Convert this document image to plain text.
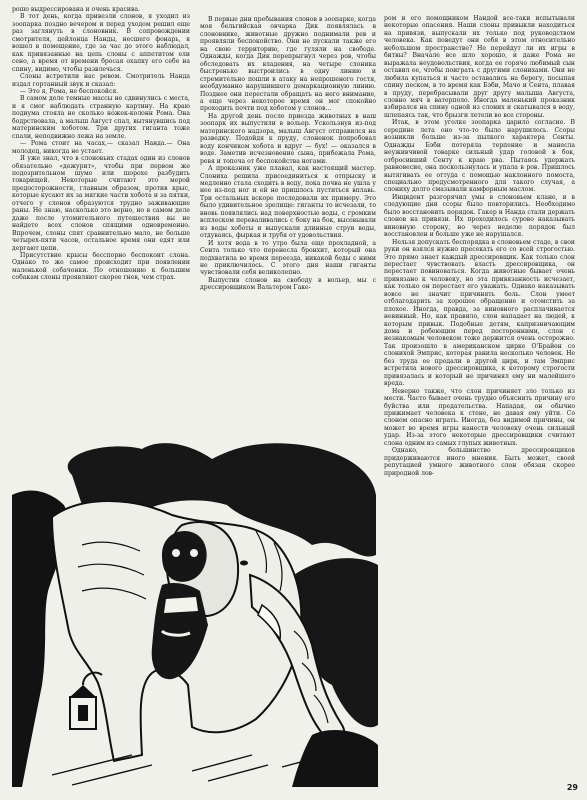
рошо выдрессирована и очень красива.

В тот день, когда привезли слонов, я уходил из зоопарка поздно вечером и перед уходом решил еще раз заглянуть в слоновник. В сопровождении смотрителя, цейлонца Нанды, несшего фонарь, я вошел в помещение, где за час до этого наблюдал, как привязанные на цепь слоны с аппетитом ели сено, а время от времени бросая охапку его себе на спину, видимо, чтобы развлечься.

Слоны встретили нас ревом. Смотритель Нанда издал гортанный звук и сказал:

— Это я, Рома, не беспокойся.

В самом деле темные массы не сдвинулись с места, и я смог наблюдать странную картину. На краю подиума стояла не сколько ножек-колонн Рома. Она бодрствовала, а малыш Август спал, вытянувшись под материнским хоботом. Три других гиганта тоже спали, неподвижно лежа на земле.

— Рома стоит на часах,— сказал Нанда.— Она молодец, никогда не устает.

Я уже знал, что в слоновьих стадах один из слонов обязательно «дежурит», чтобы при первом же подозрительном шуме или шорохе разбудить товарищей. Некоторые считают это мерой предосторожности, главным образом, против крыс, которые кусают их за мягкие части хобота и за пятки, отчего у слонов образуются трудно заживающие раны. Не знаю, насколько это верно, но в самом деле даже после утомительного путешествия вы не найдете всех слонов спящими одновременно. Впрочем, слоны спят сравнительно мало, не больше четырех-пяти часов, остальное время они едят или дергают цепи.

Присутствие крысы бесспорно беспокоит слона. Однако то же самое происходит при появлении маленькой собачонки. По отношению к большим собакам слоны проявляют скорее гнев, чем страх.

В первые дни пребывания слонов в зоопарке, когда моя бельгийская овчарка Дик появлялась в слоновнике, животные дружно поднимали рев и проявляли беспокойство. Они не пускали также его на свою территорию, где гуляли на свободе. Однажды, когда Дик перепрыгнул через ров, чтобы обследовать их владения, на четыре слоника быстренько выстроились в одну линию и стремительно пошли в атаку на непрошеного гостя, необдуманно нарушившего демаркационную линию. Позднее они перестали обращать на него внимание, а еще через некоторое время он мог спокойно проходить почти под хоботом у слонов...

На другой день после приезда животных в наш зоопарк их выпустили в вольер. Ускользнув из-под материнского надзора, малыш Август отправился на разведку. Подойдя к пруду, слоненок попробовал воду кончиком хобота и вдруг — бух! — оказался в воде. Заметив исчезновение сына, прибежала Рома, ревя и топоча от беспокойства ногами.

А проказник уже плавал, как настоящий мастер. Слониха решила присоединиться к отпрыску и медленно стала сходить в воду, пока почва не ушла у нее из-под ног и ей не пришлось пуститься вплавь. Три остальных вскоре последовали их примеру. Это было удивительное зрелище: гиганты то исчезали, то вновь появлялись над поверхностью воды, с громким всплеском переваливались с боку на бок, высовывали из воды хоботы и выпускали длинные струи воды, отдуваясь, фыркая и трубя от удовольствия.

И хотя вода в то утро была еще прохладной, а Сента только что перенесла бронхит, который она подхватила во время переезда, никакой беды с ними не приключилось. С этого дня наши гиганты чувствовали себя великолепно.

Выпустив слонов на свободу в вольер, мы с дрессировщиком Вальтером Гаке-

ром и его помощником Нандой все-таки испытывали некоторые опасения. Наши слоны привыкли находиться на привязи, выпускали их только под руководством человека. Как поведут они себя в этом относительно небольшом пространстве? Не перейдут ли их игры в битвы? Вначале все шло хорошо, и даже Рома не выражала неудовольствия, когда ее горячо любимый сын оставил ее, чтобы поиграть с другими слонихами. Они не любила купаться и часто оставались на берегу, посыпая спину песком, в то время как Бэби, Мачо и Сента, плавая в пруду, перебрасывали друг другу малыша Августа, словно мяч в ватерполо. Иногда маленький проказник взбирался на спину одной из слоних и скатывался в воду, шлепаясь так, что брызги летели во все стороны.

Итак, в этом уголке зоопарка царило согласие. В середине лета оно что-то было нарушилось. Ссоры возникли больше из-за пылкого характера Сенты. Однажды Бэби потеряла терпение и манесла неуживчивой товарке сильный удар головой в бок, отбросивший Сенту к краю рва. Пытаясь удержать равновесие, она поскользнулась и упала в ров. Пришлось вытягивать ее оттуда с помощью наклонного помоста, специально предусмотренного для такого случая, а слониху долго смазывали камфорным маслом.

Инцидент разгорячил умы в слоновьем клане, и в следующие дни ссоры было повторились. Необходимо было восстановить порядок. Гакер и Нанда стали держать слонов на привязи. Их проходилось сурово наказывать виновную сторону, но через неделю порядок был восстановлен и больше уже не нарушался.

Нельзя допускать беспорядка в слоновьем стаде, в свои руки он взялся нужно пресекать его со всей строгостью. Это прямо знает каждый дрессировщик. Как только слон перестает чувствовать власть дрессировщика, он перестает повиноваться. Когда животные бывает очень привязано к человеку, но эта привязанность исчезает, как только он перестает его уважать. Однако наказывать вовсе не значит причинять боль. Слон умеет отблагодарить за хорошее обращение и отомстить за плохое. Иногда, правда, за виновного расплачивается невинный. Но, как правило, слон нападает на людей, к которым привык. Подобные детям, капризничающим дома и робеющим перед посторонними, слон с незнакомым человеком тоже держится очень осторожно. Так произошло в американском цирке О'Брайен со слонихой Эмприс, которая ранила несколько человек. Не без труда ее продали в другой цирк, и там Эмприс встретила нового дрессировщика, к которому строгости привязалась и который не причинял ему ни малейшего вреда.

Неверно также, что слон причиняет зло только из мести. Часто бывает очень трудно объяснить причину его буйства или предательства. Нападая, он обычно прижимает человека к стене, не давая ему уйти. Со слоном опасно играть. Иногда, без видимой причины, он может во время игры нанести человеку очень сильный удар. Из-за этого некоторые дрессировщики считают слона одним из самых глупых животных.

Однако, большинство дрессировщиков придерживаются иного мнения. Быть может, своей репутацией умного животного слон обязан скорее природной лов-

29
